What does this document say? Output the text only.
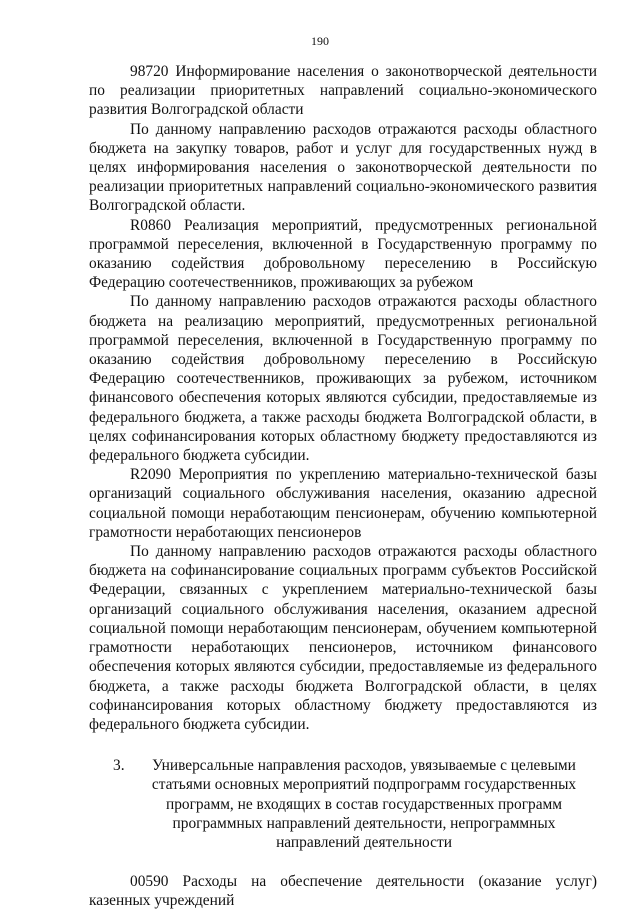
190

98720 Информирование населения о законотворческой деятельности по реализации приоритетных направлений социально-экономического развития Волгоградской области

По данному направлению расходов отражаются расходы областного бюджета на закупку товаров, работ и услуг для государственных нужд в целях информирования населения о законотворческой деятельности по реализации приоритетных направлений социально-экономического развития Волгоградской области.

R0860 Реализация мероприятий, предусмотренных региональной программой переселения, включенной в Государственную программу по оказанию содействия добровольному переселению в Российскую Федерацию соотечественников, проживающих за рубежом

По данному направлению расходов отражаются расходы областного бюджета на реализацию мероприятий, предусмотренных региональной программой переселения, включенной в Государственную программу по оказанию содействия добровольному переселению в Российскую Федерацию соотечественников, проживающих за рубежом, источником финансового обеспечения которых являются субсидии, предоставляемые из федерального бюджета, а также расходы бюджета Волгоградской области, в целях софинансирования которых областному бюджету предоставляются из федерального бюджета субсидии.

R2090 Мероприятия по укреплению материально-технической базы организаций социального обслуживания населения, оказанию адресной социальной помощи неработающим пенсионерам, обучению компьютерной грамотности неработающих пенсионеров

По данному направлению расходов отражаются расходы областного бюджета на софинансирование социальных программ субъектов Российской Федерации, связанных с укреплением материально-технической базы организаций социального обслуживания населения, оказанием адресной социальной помощи неработающим пенсионерам, обучением компьютерной грамотности неработающих пенсионеров, источником финансового обеспечения которых являются субсидии, предоставляемые из федерального бюджета, а также расходы бюджета Волгоградской области, в целях софинансирования которых областному бюджету предоставляются из федерального бюджета субсидии.

3.	Универсальные направления расходов, увязываемые с целевыми статьями основных мероприятий подпрограмм государственных программ, не входящих в состав государственных программ программных направлений деятельности, непрограммных направлений деятельности

00590 Расходы на обеспечение деятельности (оказание услуг) казенных учреждений
